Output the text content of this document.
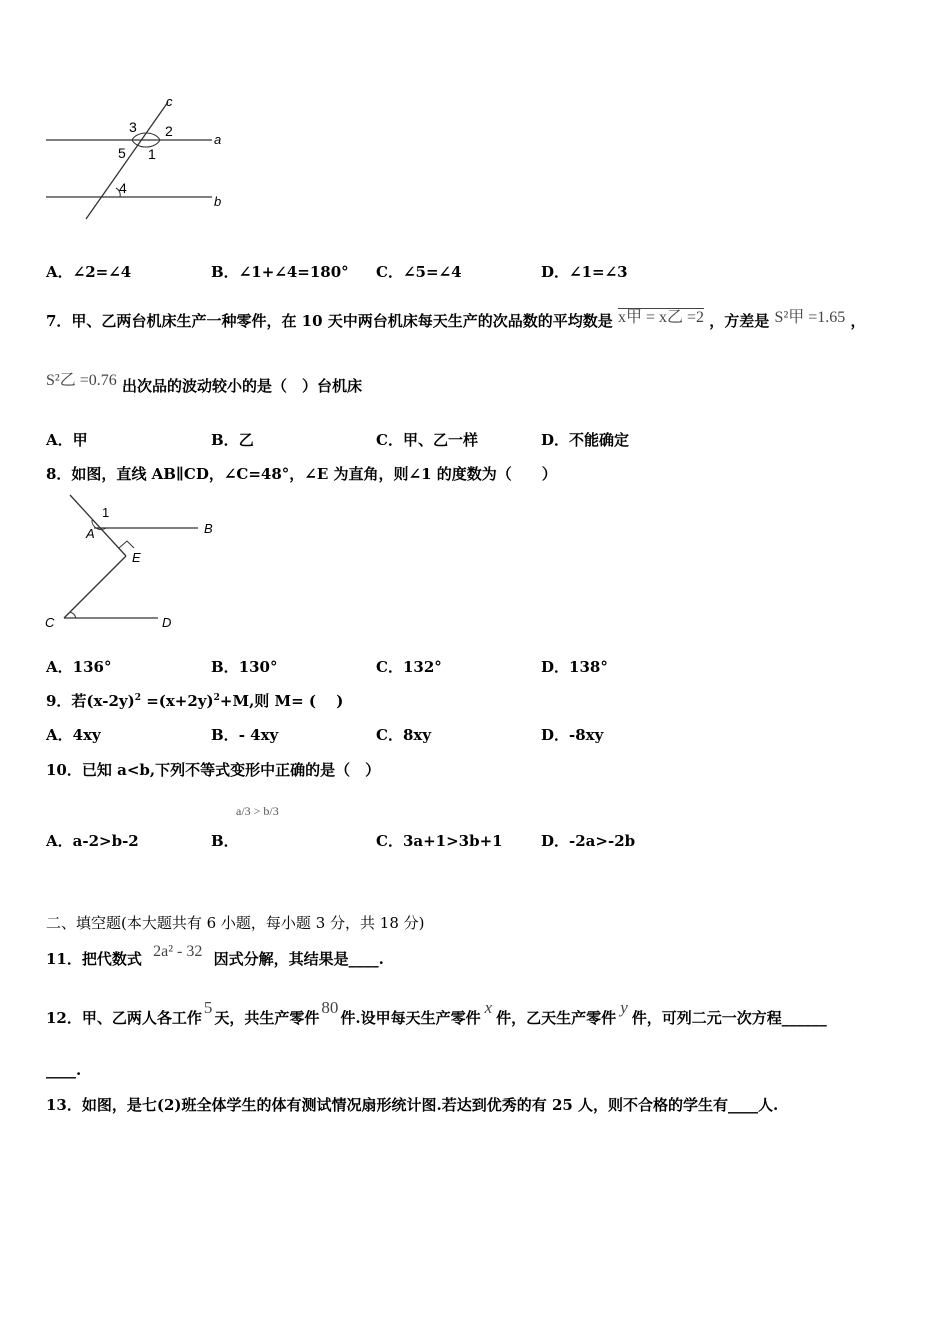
c
3 2
a
5 1
4
b
A．∠2=∠4	B．∠1+∠4=180° C．∠5=∠4	D．∠1=∠3
7．甲、乙两台机床生产一种零件，在 10 天中两台机床每天生产的次品数的平均数是 x甲 = x乙 =2 ，方差是 S²甲 =1.65 ，
S²乙 =0.76 出次品的波动较小的是（　）台机床
A．甲	B．乙	C．甲、乙一样	D．不能确定
8．如图，直线 AB∥CD，∠C=48°，∠E 为直角，则∠1 的度数为（　　）
1
A	B
E
C	D
A．136°	B．130°	C．132°	D．138°
9．若$(x-2y)^2 =(x+2y)^2+M$,则 M= (　 )
A．4xy	B．- 4xy	C．8xy	D．-8xy
10．已知 a<b,下列不等式变形中正确的是（　）
a/3 > b/3
A．a-2>b-2	B．	C．3a+1>3b+1	D．-2a>-2b
二、填空题(本大题共有 6 小题，每小题 3 分，共 18 分)
11．把代数式 2a² - 32 因式分解，其结果是____.
12．甲、乙两人各工作5天，共生产零件80件.设甲每天生产零件x件，乙天生产零件y件，可列二元一次方程______
____.
13．如图，是七(2)班全体学生的体有测试情况扇形统计图.若达到优秀的有 25 人，则不合格的学生有____人.
